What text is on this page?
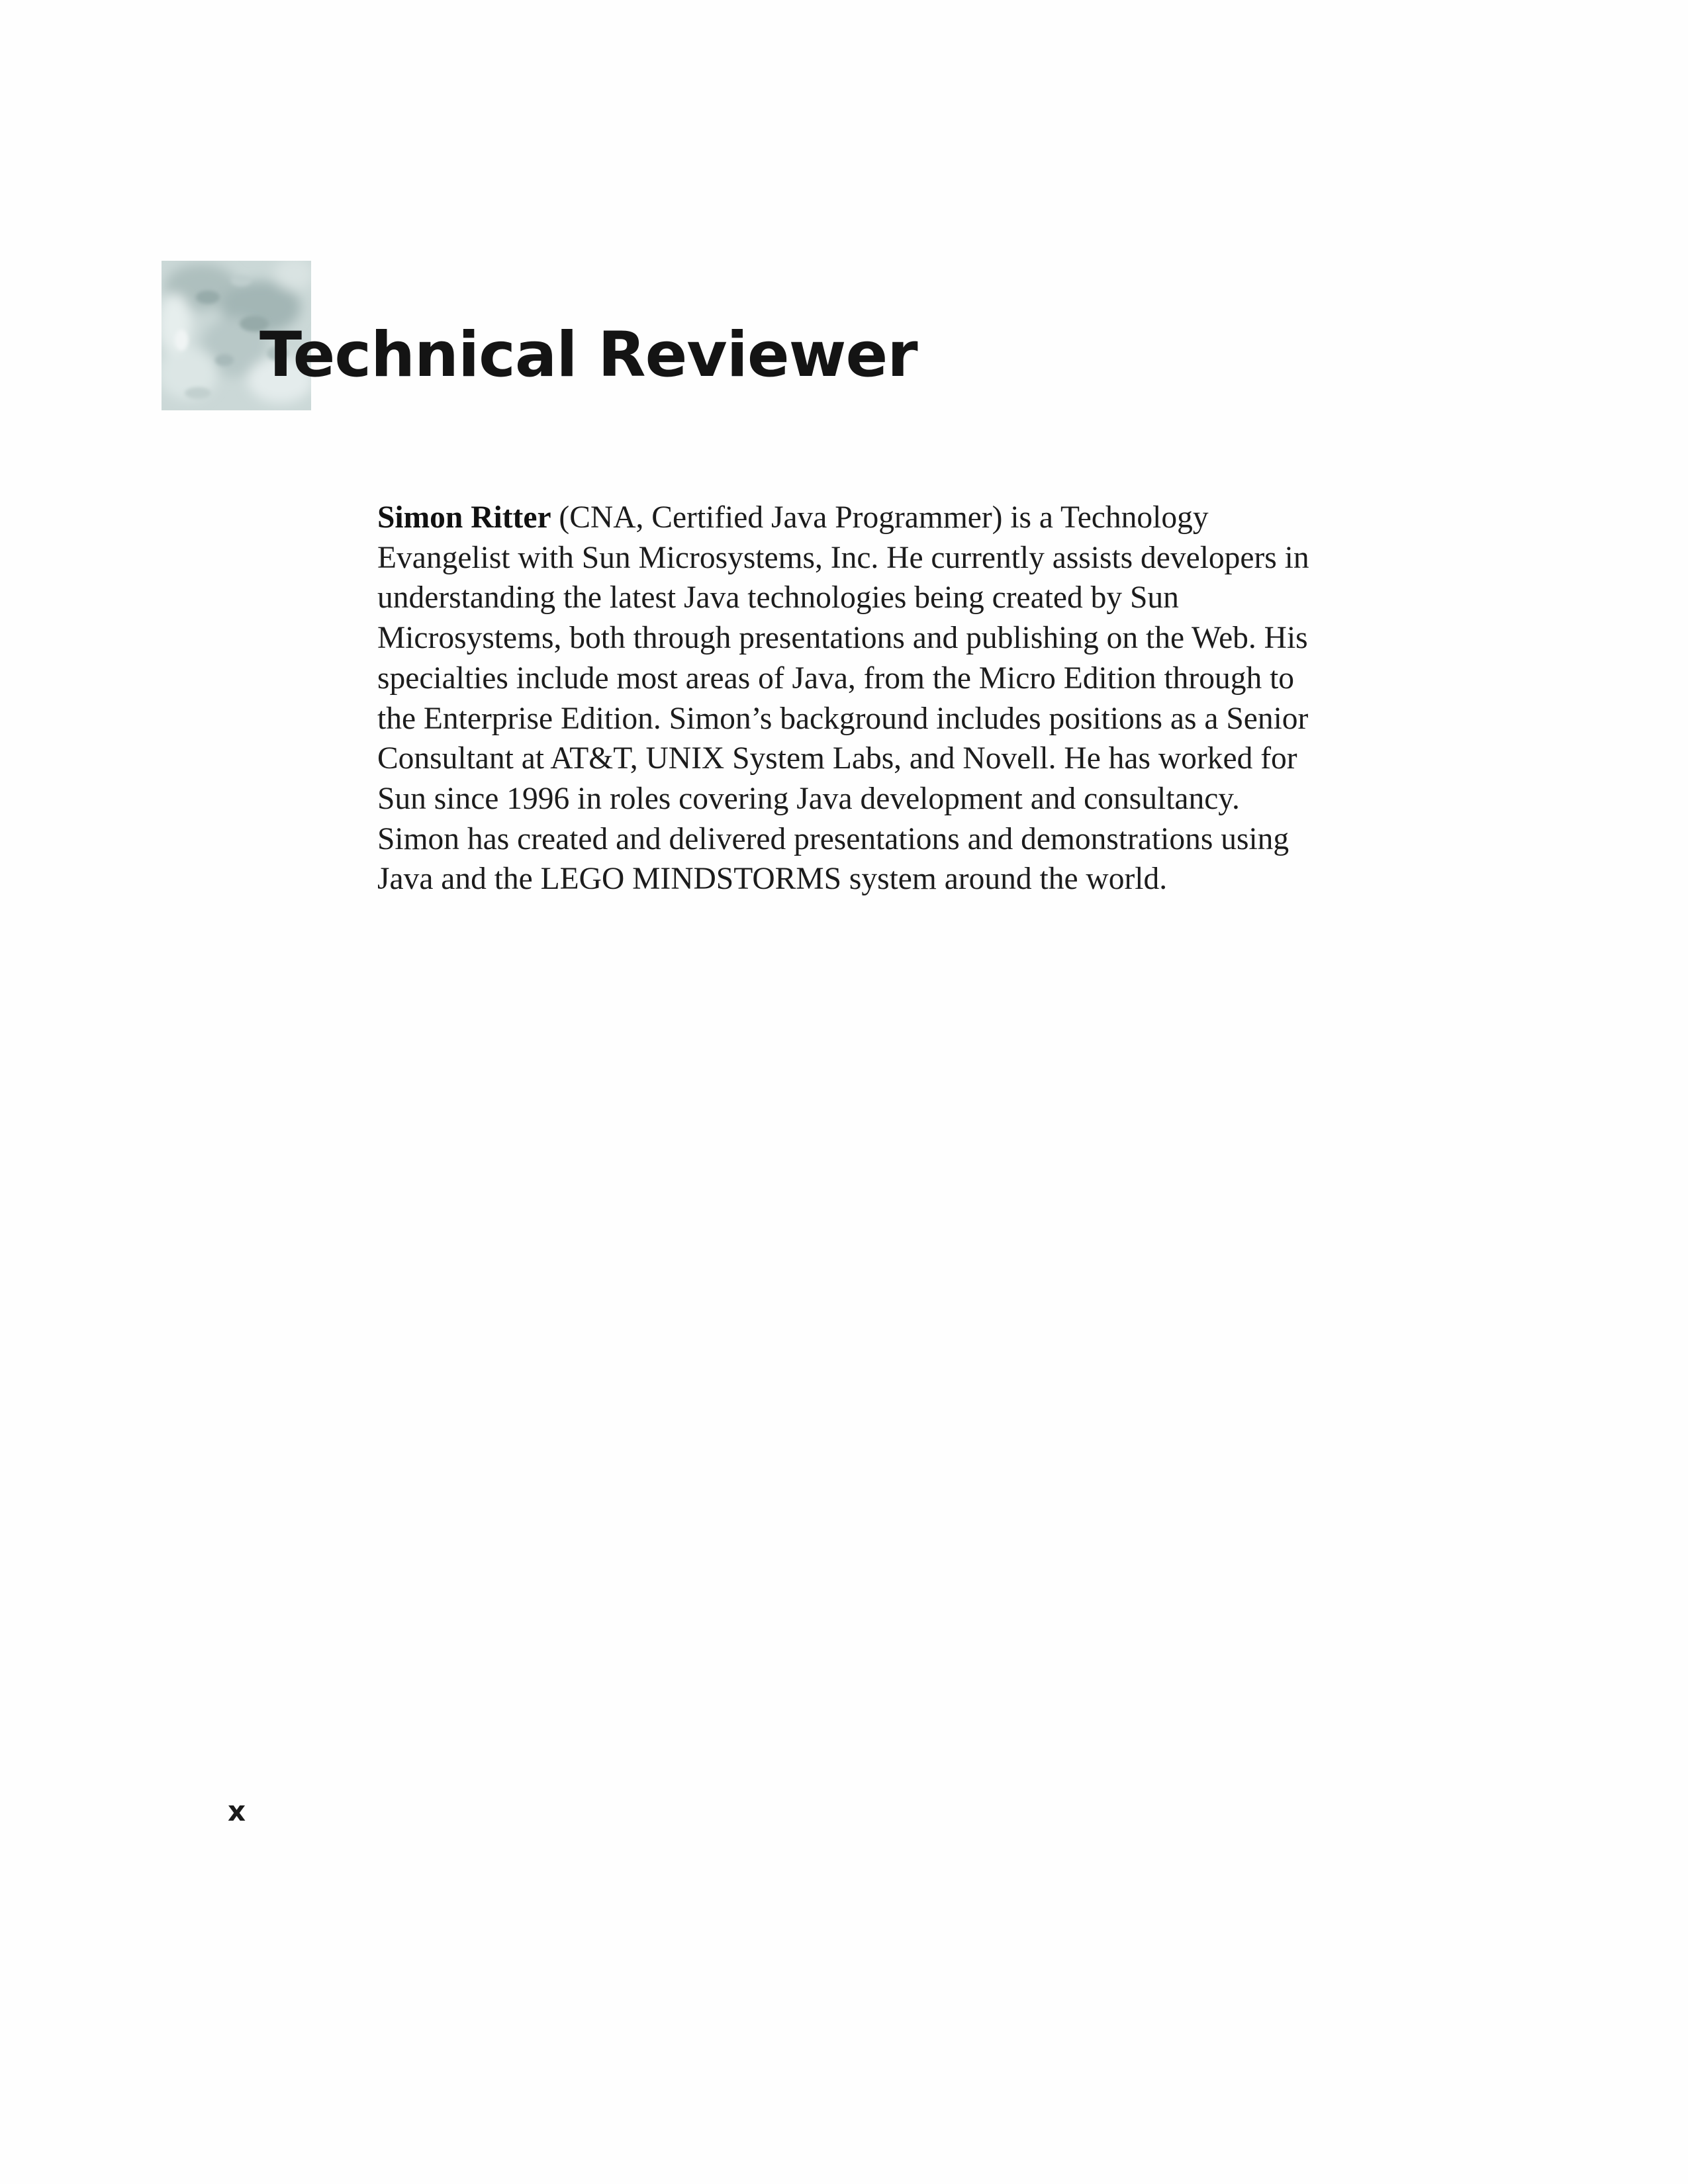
Technical Reviewer

Simon Ritter (CNA, Certified Java Programmer) is a Technology
Evangelist with Sun Microsystems, Inc. He currently assists developers in
understanding the latest Java technologies being created by Sun
Microsystems, both through presentations and publishing on the Web. His
specialties include most areas of Java, from the Micro Edition through to
the Enterprise Edition. Simon’s background includes positions as a Senior
Consultant at AT&T, UNIX System Labs, and Novell. He has worked for
Sun since 1996 in roles covering Java development and consultancy.
Simon has created and delivered presentations and demonstrations using
Java and the LEGO MINDSTORMS system around the world.

x
